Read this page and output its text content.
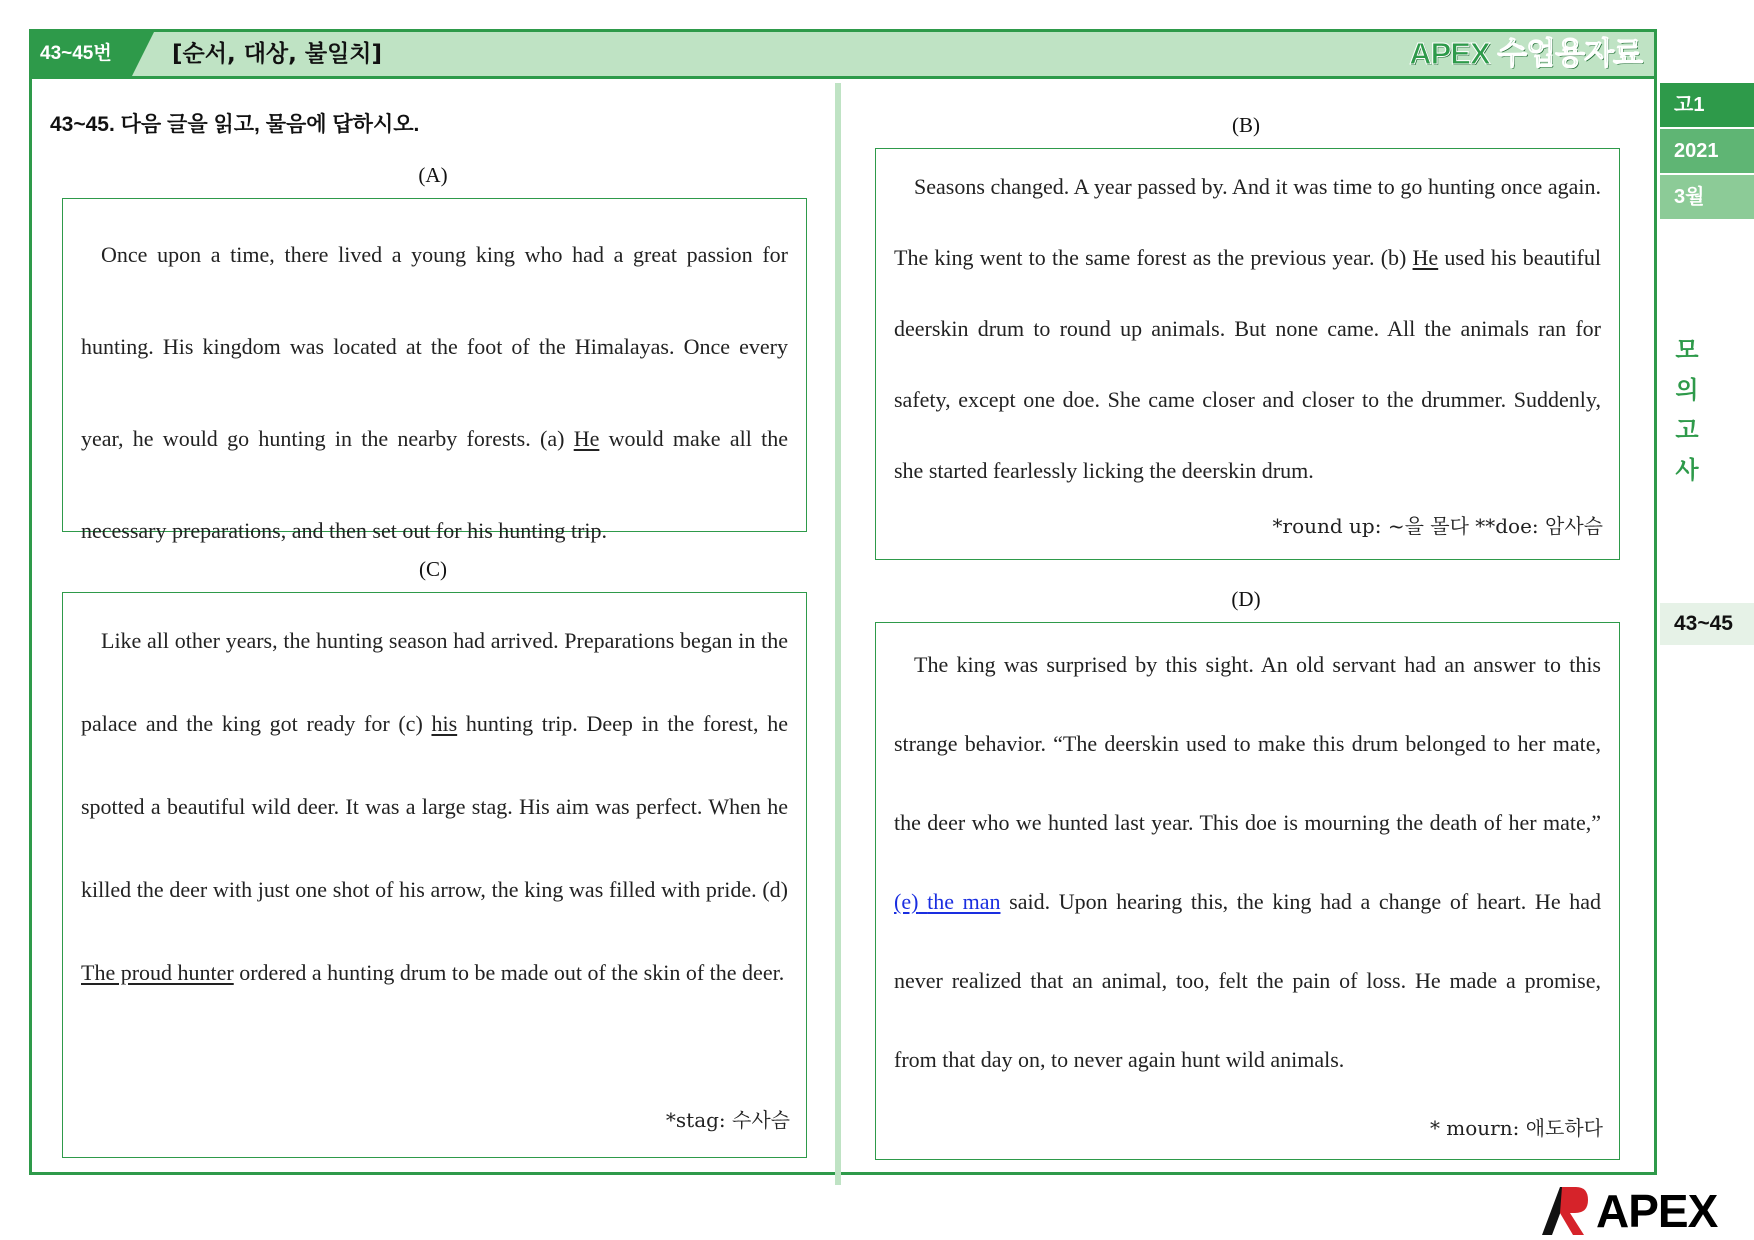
43~45번	[순서, 대상, 불일치]	APEX 수업용자료
43~45. 다음 글을 읽고, 물음에 답하시오.
(A)

Once upon a time, there lived a young king who had a great passion for hunting. His kingdom was located at the foot of the Himalayas. Once every year, he would go hunting in the nearby forests. (a) He would make all the necessary preparations, and then set out for his hunting trip.

(C)

Like all other years, the hunting season had arrived. Preparations began in the palace and the king got ready for (c) his hunting trip. Deep in the forest, he spotted a beautiful wild deer. It was a large stag. His aim was perfect. When he killed the deer with just one shot of his arrow, the king was filled with pride. (d) The proud hunter ordered a hunting drum to be made out of the skin of the deer.

*stag: 수사슴
(B)

Seasons changed. A year passed by. And it was time to go hunting once again. The king went to the same forest as the previous year. (b) He used his beautiful deerskin drum to round up animals. But none came. All the animals ran for safety, except one doe. She came closer and closer to the drummer. Suddenly, she started fearlessly licking the deerskin drum.

*round up: ~을 몰다 **doe: 암사슴
(D)

The king was surprised by this sight. An old servant had an answer to this strange behavior. “The deerskin used to make this drum belonged to her mate, the deer who we hunted last year. This doe is mourning the death of her mate,” (e) the man said. Upon hearing this, the king had a change of heart. He had never realized that an animal, too, felt the pain of loss. He made a promise, from that day on, to never again hunt wild animals.

* mourn: 애도하다
고1
2021
3월
모
의
고
사
43~45
APEX
